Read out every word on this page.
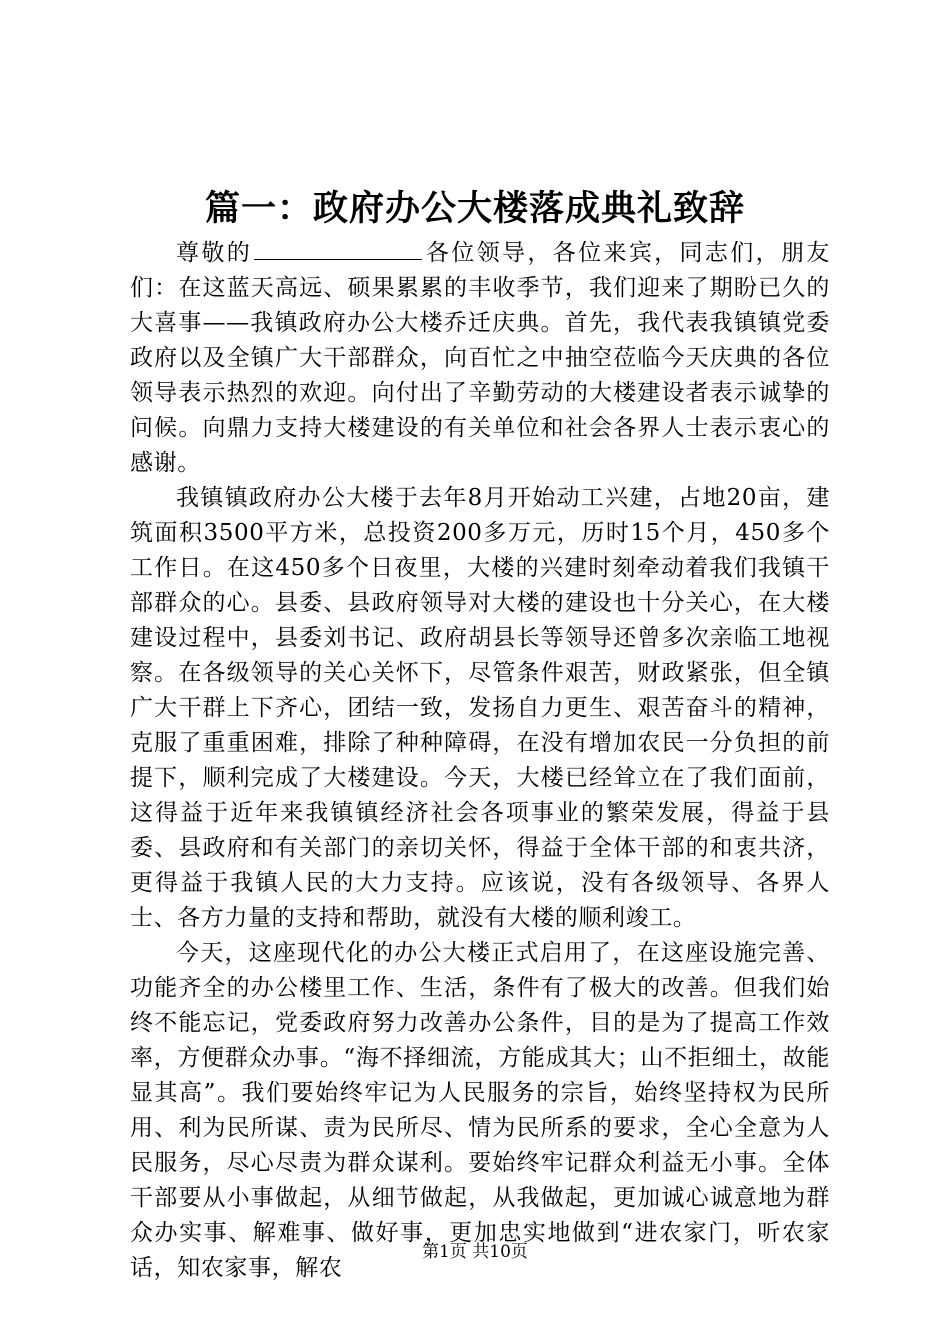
篇一：政府办公大楼落成典礼致辞

尊敬的	各位领导，各位来宾，同志们，朋友们：在这蓝天高远、硕果累累的丰收季节，我们迎来了期盼已久的大喜事——我镇政府办公大楼乔迁庆典。首先，我代表我镇镇党委政府以及全镇广大干部群众，向百忙之中抽空莅临今天庆典的各位领导表示热烈的欢迎。向付出了辛勤劳动的大楼建设者表示诚挚的问候。向鼎力支持大楼建设的有关单位和社会各界人士表示衷心的感谢。

我镇镇政府办公大楼于去年8月开始动工兴建，占地20亩，建筑面积3500平方米，总投资200多万元，历时15个月，450多个工作日。在这450多个日夜里，大楼的兴建时刻牵动着我们我镇干部群众的心。县委、县政府领导对大楼的建设也十分关心，在大楼建设过程中，县委刘书记、政府胡县长等领导还曾多次亲临工地视察。在各级领导的关心关怀下，尽管条件艰苦，财政紧张，但全镇广大干群上下齐心，团结一致，发扬自力更生、艰苦奋斗的精神，克服了重重困难，排除了种种障碍，在没有增加农民一分负担的前提下，顺利完成了大楼建设。今天，大楼已经耸立在了我们面前，这得益于近年来我镇镇经济社会各项事业的繁荣发展，得益于县委、县政府和有关部门的亲切关怀，得益于全体干部的和衷共济，更得益于我镇人民的大力支持。应该说，没有各级领导、各界人士、各方力量的支持和帮助，就没有大楼的顺利竣工。

今天，这座现代化的办公大楼正式启用了，在这座设施完善、功能齐全的办公楼里工作、生活，条件有了极大的改善。但我们始终不能忘记，党委政府努力改善办公条件，目的是为了提高工作效率，方便群众办事。“海不择细流，方能成其大；山不拒细土，故能显其高”。我们要始终牢记为人民服务的宗旨，始终坚持权为民所用、利为民所谋、责为民所尽、情为民所系的要求，全心全意为人民服务，尽心尽责为群众谋利。要始终牢记群众利益无小事。全体干部要从小事做起，从细节做起，从我做起，更加诚心诚意地为群众办实事、解难事、做好事，更加忠实地做到“进农家门，听农家话，知农家事，解农

第1页 共10页
